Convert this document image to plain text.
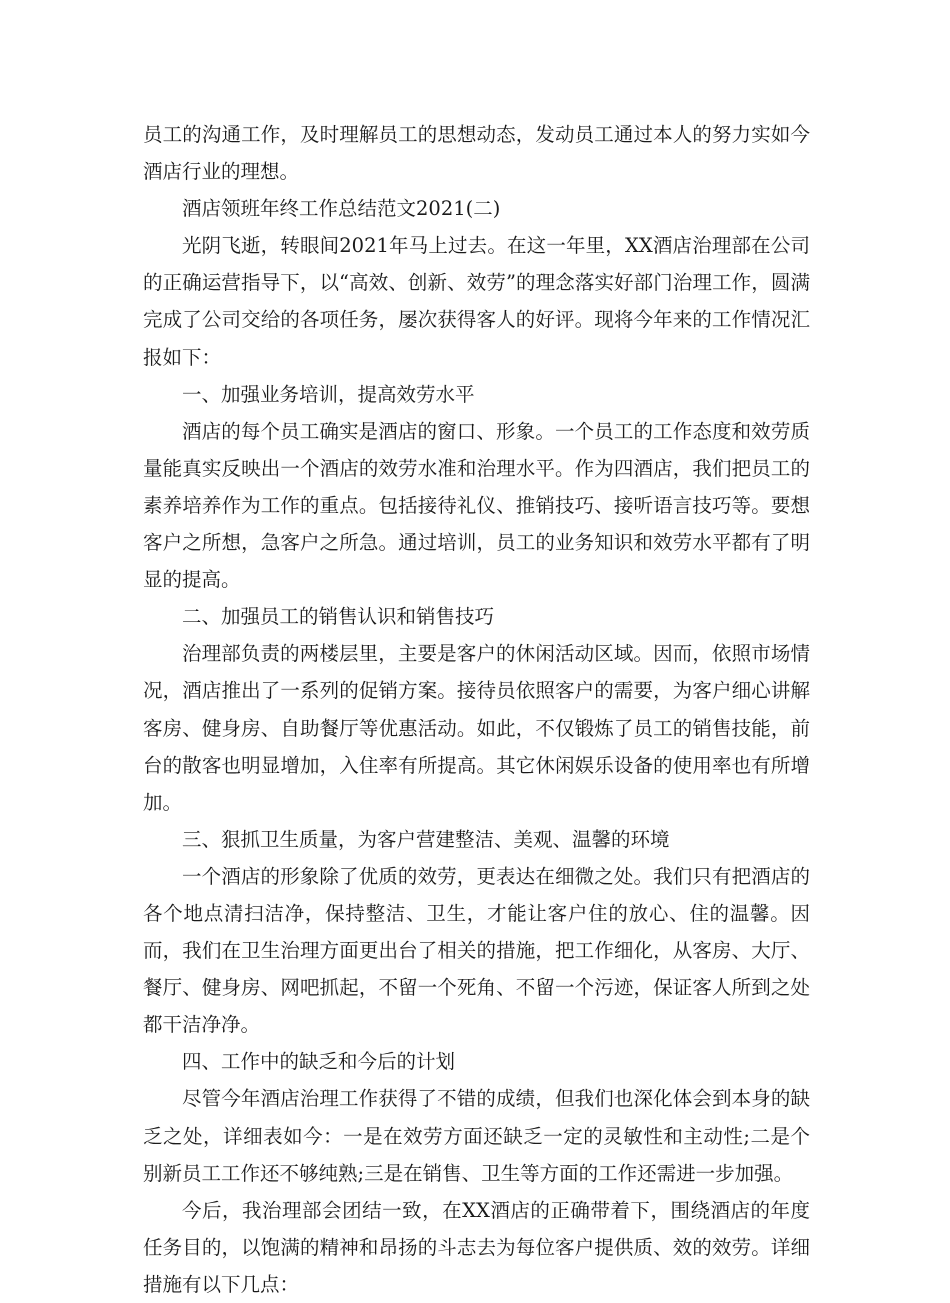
员工的沟通工作，及时理解员工的思想动态，发动员工通过本人的努力实如今酒店行业的理想。

酒店领班年终工作总结范文2021(二)

光阴飞逝，转眼间2021年马上过去。在这一年里，XX酒店治理部在公司的正确运营指导下，以“高效、创新、效劳”的理念落实好部门治理工作，圆满完成了公司交给的各项任务，屡次获得客人的好评。现将今年来的工作情况汇报如下：

一、加强业务培训，提高效劳水平

酒店的每个员工确实是酒店的窗口、形象。一个员工的工作态度和效劳质量能真实反映出一个酒店的效劳水准和治理水平。作为四酒店，我们把员工的素养培养作为工作的重点。包括接待礼仪、推销技巧、接听语言技巧等。要想客户之所想，急客户之所急。通过培训，员工的业务知识和效劳水平都有了明显的提高。

二、加强员工的销售认识和销售技巧

治理部负责的两楼层里，主要是客户的休闲活动区域。因而，依照市场情况，酒店推出了一系列的促销方案。接待员依照客户的需要，为客户细心讲解客房、健身房、自助餐厅等优惠活动。如此，不仅锻炼了员工的销售技能，前台的散客也明显增加，入住率有所提高。其它休闲娱乐设备的使用率也有所增加。

三、狠抓卫生质量，为客户营建整洁、美观、温馨的环境

一个酒店的形象除了优质的效劳，更表达在细微之处。我们只有把酒店的各个地点清扫洁净，保持整洁、卫生，才能让客户住的放心、住的温馨。因而，我们在卫生治理方面更出台了相关的措施，把工作细化，从客房、大厅、餐厅、健身房、网吧抓起，不留一个死角、不留一个污迹，保证客人所到之处都干洁净净。

四、工作中的缺乏和今后的计划

尽管今年酒店治理工作获得了不错的成绩，但我们也深化体会到本身的缺乏之处，详细表如今：一是在效劳方面还缺乏一定的灵敏性和主动性;二是个别新员工工作还不够纯熟;三是在销售、卫生等方面的工作还需进一步加强。

今后，我治理部会团结一致，在XX酒店的正确带着下，围绕酒店的年度任务目的，以饱满的精神和昂扬的斗志去为每位客户提供质、效的效劳。详细措施有以下几点：
